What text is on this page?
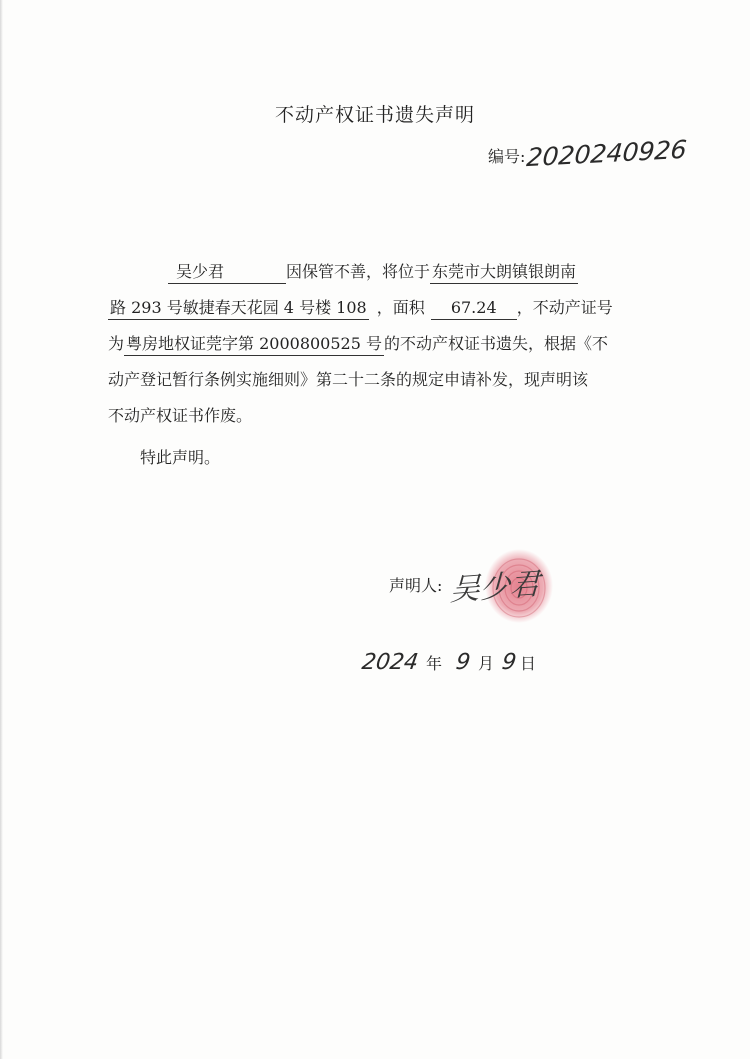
不动产权证书遗失声明
编号: 2020240926
吴少君	因保管不善，将位于 东莞市大朗镇银朗南
路 293 号敏捷春天花园 4 号楼 108 ，面积 67.24 ，不动产证号
为 粤房地权证莞字第 2000800525 号 的不动产权证书遗失，根据《不
动产登记暂行条例实施细则》第二十二条的规定申请补发，现声明该
不动产权证书作废。
特此声明。
声明人: 吴少君
2024 年 9 月 9 日
